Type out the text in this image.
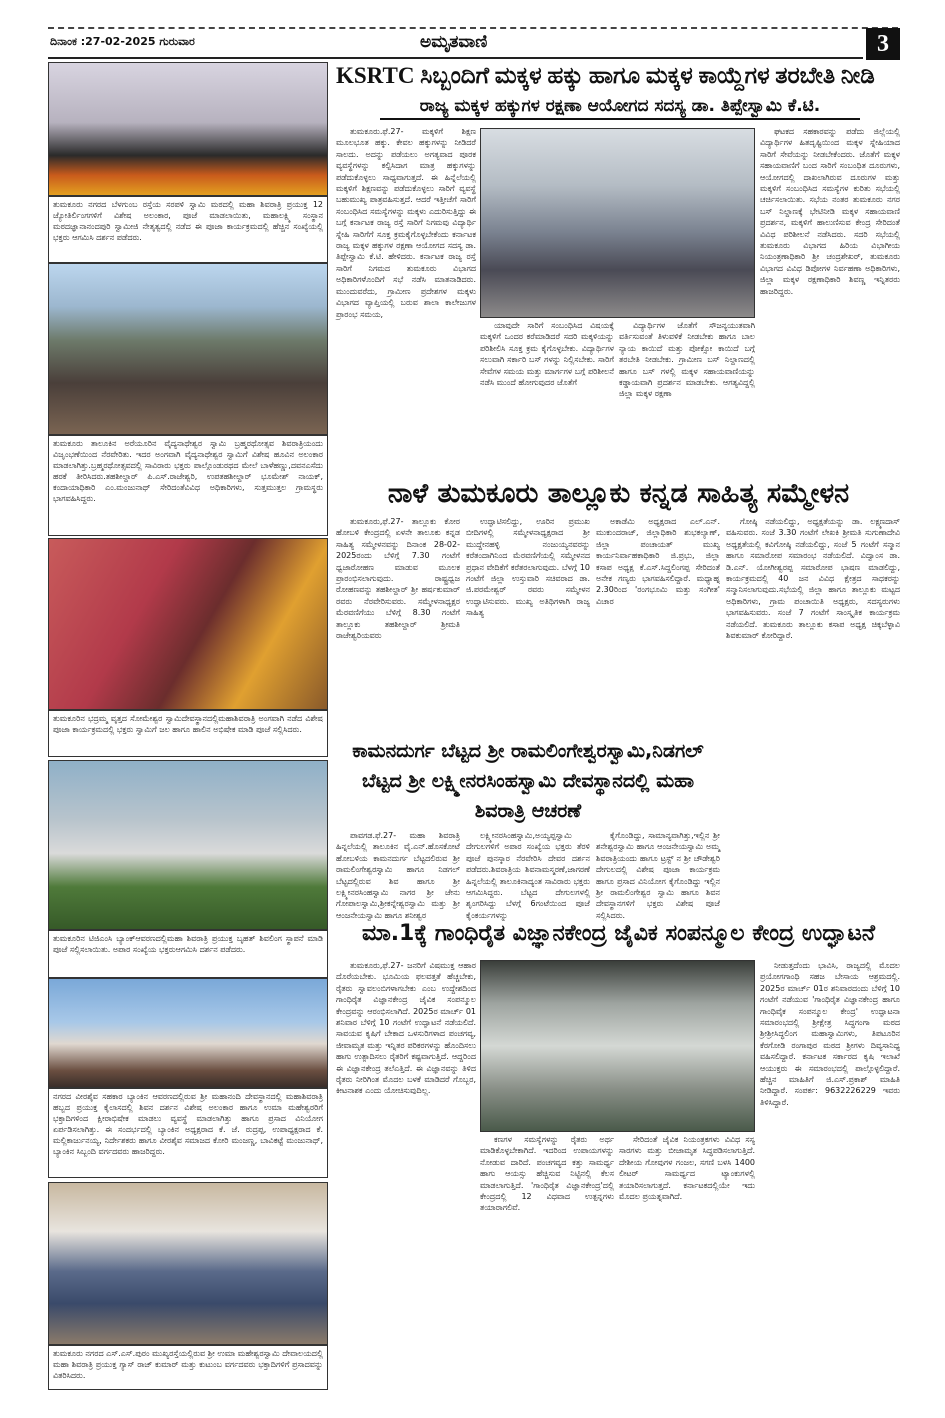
ದಿನಾಂಕ :27-02-2025 ಗುರುವಾರ	ಅಮೃತವಾಣಿ	3
ತುಮಕೂರು ನಗರದ ಬೆಳಗುಂಬ ರಸ್ತೆಯ ಸರಪಳಿ ಸ್ವಾಮಿ ಮಠದಲ್ಲಿ ಮಹಾ ಶಿವರಾತ್ರಿ ಪ್ರಯುಕ್ತ 12 ಜ್ಯೋತಿರ್ಲಿಂಗಗಳಿಗೆ ವಿಶೇಷ ಅಲಂಕಾರ, ಪೂಜೆ ಮಾಡಲಾಯಿತು, ಮಹಾಲಕ್ಷ್ಮಿ ಸಂಸ್ಥಾನ ಮಠದಜ್ಞಾನಾನಂದಪುರಿ ಸ್ವಾಮೀಜಿ ನೇತೃತ್ವದಲ್ಲಿ ನಡೆದ ಈ ಪೂಜಾ ಕಾರ್ಯಕ್ರಮದಲ್ಲಿ ಹೆಚ್ಚಿನ ಸಂಖ್ಯೆಯಲ್ಲಿ ಭಕ್ತರು ಆಗಮಿಸಿ ದರ್ಶನ ಪಡೆದರು.
ತುಮಕೂರು ತಾಲೂಕಿನ ಅರೆಯೂರಿನ ವೈದ್ಯನಾಥೇಶ್ವರ ಸ್ವಾಮಿ ಬ್ರಹ್ಮರಥೋತ್ಸವ ಶಿವರಾತ್ರಿಯಂದು ವಿಜೃಂಭಣೆಯಿಂದ ನೆರವೇರಿತು. ಇದರ ಅಂಗವಾಗಿ ವೈದ್ಯನಾಥೇಶ್ವರ ಸ್ವಾಮಿಗೆ ವಿಶೇಷ ಹೂವಿನ ಅಲಂಕಾರ ಮಾಡಲಾಗಿತ್ತು.ಬ್ರಹ್ಮರಥೋತ್ಸವದಲ್ಲಿ ಸಾವಿರಾರು ಭಕ್ತರು ಪಾಲ್ಗೊಂಡುರಥದ ಮೇಲೆ ಬಾಳೆಹಣ್ಣು,ದವನಎಸೆದು ಹರಕೆ ತೀರಿಸಿದರು.ತಹಶೀಲ್ದಾರ್ ಪಿ.ಎಸ್.ರಾಜೇಶ್ವರಿ, ಉಪತಹಶೀಲ್ದಾರ್ ಭೂಮೇಶ್ ನಾಯಕ್, ಕಂದಾಯಾಧಿಕಾರಿ ಎಂ.ಮಂಜುನಾಥ್ ಸೇರಿದಂತೆವಿವಿಧ ಅಧಿಕಾರಿಗಳು, ಸುತ್ತಮುತ್ತಲ ಗ್ರಾಮಸ್ಥರು ಭಾಗವಹಿಸಿದ್ದರು.
ತುಮಕೂರಿನ ಭದ್ರಮ್ಮ ವೃತ್ತದ ಸೋಮೇಶ್ವರ ಸ್ವಾಮಿದೇವಸ್ಥಾನದಲ್ಲಿಮಹಾಶಿವರಾತ್ರಿ ಅಂಗವಾಗಿ ನಡೆದ ವಿಶೇಷ ಪೂಜಾ ಕಾರ್ಯಕ್ರಮದಲ್ಲಿ ಭಕ್ತರು ಸ್ವಾಮಿಗೆ ಜಲ ಹಾಗೂ ಹಾಲಿನ ಅಭಿಷೇಕ ಮಾಡಿ ಪೂಜೆ ಸಲ್ಲಿಸಿದರು.
ತುಮಕೂರಿನ ಟಿಜಿಎಂಸಿ ಬ್ಯಾಂಕ್ಆವರಣದಲ್ಲಿಮಹಾ ಶಿವರಾತ್ರಿ ಪ್ರಯುಕ್ತ ಬೃಹತ್ ಶಿವಲಿಂಗ ಸ್ಥಾಪನೆ ಮಾಡಿ ಪೂಜೆ ಸಲ್ಲಿಸಲಾಯಿತು. ಅಪಾರ ಸಂಖ್ಯೆಯ ಭಕ್ತರುಆಗಮಿಸಿ ದರ್ಶನ ಪಡೆದರು.
ನಗರದ ವೀರಶೈವ ಸಹಕಾರ ಬ್ಯಾಂಕಿನ ಆವರಣದಲ್ಲಿರುವ ಶ್ರೀ ಮಹಾನಂದಿ ದೇವಸ್ಥಾನದಲ್ಲಿ ಮಹಾಶಿವರಾತ್ರಿ ಹಬ್ಬದ ಪ್ರಯುಕ್ತ ಕೈಲಾಸದಲ್ಲಿ ಶಿವನ ದರ್ಶನ ವಿಶೇಷ ಅಲಂಕಾರ ಹಾಗೂ ಉಮಾ ಮಹೇಶ್ವರರಿಗೆ ಭಕ್ತಾದಿಗಳಿಂದ ಕ್ಷೀರಾಭಿಷೇಕ ಮಾಡಲು ವ್ಯವಸ್ಥೆ ಮಾಡಲಾಗಿತ್ತು ಹಾಗೂ ಪ್ರಸಾದ ವಿನಿಯೋಗ ಏರ್ಪಡಿಸಲಾಗಿತ್ತು. ಈ ಸಂದರ್ಭದಲ್ಲಿ ಬ್ಯಾಂಕಿನ ಅಧ್ಯಕ್ಷರಾದ ಕೆ. ಜೆ. ರುದ್ರಪ್ಪ, ಉಪಾಧ್ಯಕ್ಷರಾದ ಕೆ. ಮಲ್ಲಿಕಾರ್ಜುನಯ್ಯ, ನಿರ್ದೇಶಕರು ಹಾಗೂ ವೀರಶೈವ ಸಮಾಜದ ಕೋರಿ ಮಂಜಣ್ಣ, ಬಾವಿಕಟ್ಟೆ ಮಂಜುನಾಥ್, ಬ್ಯಾಂಕಿನ ಸಿಬ್ಬಂದಿ ವರ್ಗದವರು ಹಾಜರಿದ್ದರು.
ತುಮಕೂರು ನಗರದ ಎಸ್.ಎಸ್.ಪುರಂ ಮುಖ್ಯರಸ್ತೆಯಲ್ಲಿರುವ ಶ್ರೀ ಉಮಾ ಮಹೇಶ್ವರಸ್ವಾಮಿ ದೇವಾಲಯದಲ್ಲಿ ಮಹಾ ಶಿವರಾತ್ರಿ ಪ್ರಯುಕ್ತ ಗ್ಯಾಸ್ ರಾಜ್ ಕುಮಾರ್ ಮತ್ತು ಕುಟುಂಬ ವರ್ಗದವರು ಭಕ್ತಾದಿಗಳಿಗೆ ಪ್ರಸಾದವನ್ನು ವಿತರಿಸಿದರು.
KSRTC ಸಿಬ್ಬಂದಿಗೆ ಮಕ್ಕಳ ಹಕ್ಕು ಹಾಗೂ ಮಕ್ಕಳ ಕಾಯ್ದೆಗಳ ತರಬೇತಿ ನೀಡಿ
ರಾಜ್ಯ ಮಕ್ಕಳ ಹಕ್ಕುಗಳ ರಕ್ಷಣಾ ಆಯೋಗದ ಸದಸ್ಯ ಡಾ. ತಿಪ್ಪೇಸ್ವಾಮಿ ಕೆ.ಟಿ.
ತುಮಕೂರು.ಫೆ.27- ಮಕ್ಕಳಿಗೆ ಶಿಕ್ಷಣ ಮೂಲಭೂತ ಹಕ್ಕು. ಕೇವಲ ಹಕ್ಕುಗಳನ್ನು ನೀಡಿದರೆ ಸಾಲದು. ಅದನ್ನು ಪಡೆಯಲು ಅಗತ್ಯವಾದ ಪೂರಕ ವ್ಯವಸ್ಥೆಗಳನ್ನು ಕಲ್ಪಿಸಿದಾಗ ಮಾತ್ರ ಹಕ್ಕುಗಳನ್ನು ಪಡೆದುಕೊಳ್ಳಲು ಸಾಧ್ಯವಾಗುತ್ತದೆ. ಈ ಹಿನ್ನೆಲೆಯಲ್ಲಿ ಮಕ್ಕಳಿಗೆ ಶಿಕ್ಷಣವನ್ನು ಪಡೆದುಕೊಳ್ಳಲು ಸಾರಿಗೆ ವ್ಯವಸ್ಥೆ ಬಹುಮುಖ್ಯ ಪಾತ್ರವಹಿಸುತ್ತದೆ. ಆದರೆ ಇತ್ತೀಚೆಗೆ ಸಾರಿಗೆ ಸಂಬಂಧಿಸಿದ ಸಮಸ್ಯೆಗಳನ್ನು ಮಕ್ಕಳು ಎದುರಿಸುತ್ತಿದ್ದು ಈ ಬಗ್ಗೆ ಕರ್ನಾಟಕ ರಾಜ್ಯ ರಸ್ತೆ ಸಾರಿಗೆ ನಿಗಮವು ವಿದ್ಯಾರ್ಥಿ ಸ್ನೇಹಿ ಸಾರಿಗೆಗೆ ಸೂಕ್ತ ಕ್ರಮಕೈಗೊಳ್ಳಬೇಕೆಂದು ಕರ್ನಾಟಕ ರಾಜ್ಯ ಮಕ್ಕಳ ಹಕ್ಕುಗಳ ರಕ್ಷಣಾ ಆಯೋಗದ ಸದಸ್ಯ ಡಾ. ತಿಪ್ಪೇಸ್ವಾಮಿ ಕೆ.ಟಿ. ಹೇಳಿದರು. ಕರ್ನಾಟಕ ರಾಜ್ಯ ರಸ್ತೆ ಸಾರಿಗೆ ನಿಗಮದ ತುಮಕೂರು ವಿಭಾಗದ ಅಧಿಕಾರಿಗಳೊಂದಿಗೆ ಸಭೆ ನಡೆಸಿ ಮಾತನಾಡಿದರು. ಮುಂದುವರೆದು, ಗ್ರಾಮೀಣ ಪ್ರದೇಶಗಳ ಮಕ್ಕಳು ವಿಭಾಗದ ವ್ಯಾಪ್ತಿಯಲ್ಲಿ ಬರುವ ಶಾಲಾ ಕಾಲೇಜುಗಳ ಪ್ರಾರಂಭ ಸಮಯ,
ಯಾವುದೇ ಸಾರಿಗೆ ಸಂಬಂಧಿಸಿದ ವಿಷಯಕ್ಕೆ ಮಕ್ಕಳಿಗೆ ಒಂದರ ಕರೆಮಾಡಿದರೆ ಸದರಿ ಮಕ್ಕಳಿಯನ್ನು ಪರಿಶೀಲಿಸಿ ಸೂಕ್ತ ಕ್ರಮ ಕೈಗೊಳ್ಳಬೇಕು. ವಿದ್ಯಾರ್ಥಿಗಳ ಸಲುವಾಗಿ ಸರ್ಕಾರಿ ಬಸ್ ಗಳನ್ನು ನಿಲ್ಲಿಸಬೇಕು. ಸಾರಿಗೆ ಸೇವೆಗಳ ಸಮಯ ಮತ್ತು ಮಾರ್ಗಗಳ ಬಗ್ಗೆ ಪರಿಶೀಲನೆ ನಡೆಸಿ ಮುಂದೆ ಹೋಗುವುದರ ಜೊತೆಗೆ
ವಿದ್ಯಾರ್ಥಿಗಳ ಜೊತೆಗೆ ಸೌಜನ್ಯಯುತವಾಗಿ ವರ್ತಿಸುವಂತೆ ತಿಳುವಳಿಕೆ ನೀಡಬೇಕು ಹಾಗೂ ಬಾಲ ನ್ಯಾಯ ಕಾಯಿದೆ ಮತ್ತು ಪೋಕ್ಸೋ ಕಾಯಿದೆ ಬಗ್ಗೆ ತರಬೇತಿ ನೀಡಬೇಕು. ಗ್ರಾಮೀಣ ಬಸ್ ನಿಲ್ದಾಣದಲ್ಲಿ ಹಾಗೂ ಬಸ್ ಗಳಲ್ಲಿ ಮಕ್ಕಳ ಸಹಾಯವಾಣಿಯನ್ನು ಕಡ್ಡಾಯವಾಗಿ ಪ್ರದರ್ಶನ ಮಾಡಬೇಕು. ಆಗತ್ಯವಿದ್ದಲ್ಲಿ ಜಿಲ್ಲಾ ಮಕ್ಕಳ ರಕ್ಷಣಾ
ಘಟಕದ ಸಹಕಾರವನ್ನು ಪಡೆದು ಜಿಲ್ಲೆಯಲ್ಲಿ ವಿದ್ಯಾರ್ಥಿಗಳ ಹಿತದೃಷ್ಟಿಯಿಂದ ಮಕ್ಕಳ ಸ್ನೇಹಿಯಾದ ಸಾರಿಗೆ ಸೇವೆಯನ್ನು ನೀಡಬೇಕೆಂದರು. ಜೊತೆಗೆ ಮಕ್ಕಳ ಸಹಾಯವಾಣಿಗೆ ಬಂದ ಸಾರಿಗೆ ಸಂಬಂಧಿತ ದೂರುಗಳು, ಆಯೋಗದಲ್ಲಿ ದಾಖಲಾಗಿರುವ ದೂರುಗಳ ಮತ್ತು ಮಕ್ಕಳಿಗೆ ಸಂಬಂಧಿಸಿದ ಸಮಸ್ಯೆಗಳ ಕುರಿತು ಸಭೆಯಲ್ಲಿ ಚರ್ಚಿಸಲಾಯಿತು. ಸಭೆಯ ನಂತರ ತುಮಕೂರು ನಗರ ಬಸ್ ನಿಲ್ದಾಣಕ್ಕೆ ಭೇಟಿನೀಡಿ ಮಕ್ಕಳ ಸಹಾಯವಾಣಿ ಪ್ರದರ್ಶನ, ಮಕ್ಕಳಿಗೆ ಹಾಲುಣಿಸುವ ಕೇಂದ್ರ ಸೇರಿದಂತೆ ವಿವಿಧ ಪರಿಶೀಲನೆ ನಡೆಸಿದರು. ಸದರಿ ಸಭೆಯಲ್ಲಿ ತುಮಕೂರು ವಿಭಾಗದ ಹಿರಿಯ ವಿಭಾಗೀಯ ನಿಯಂತ್ರಣಾಧಿಕಾರಿ ಶ್ರೀ ಚಂದ್ರಶೇಖರ್, ತುಮಕೂರು ವಿಭಾಗದ ವಿವಿಧ ಡಿಪೋಗಳ ನಿರ್ವಹಣಾ ಅಧಿಕಾರಿಗಳು, ಜಿಲ್ಲಾ ಮಕ್ಕಳ ರಕ್ಷಣಾಧಿಕಾರಿ ಶಿವಣ್ಣ ಇನ್ನಿತರರು ಹಾಜರಿದ್ದರು.
ನಾಳೆ ತುಮಕೂರು ತಾಲ್ಲೂಕು ಕನ್ನಡ ಸಾಹಿತ್ಯ ಸಮ್ಮೇಳನ
ತುಮಕೂರು,ಫೆ.27- ತಾಲ್ಲೂಕು ಕೋರ ಹೋಬಳಿ ಕೇಂದ್ರದಲ್ಲಿ ಏಳನೇ ತಾಲೂಕು ಕನ್ನಡ ಸಾಹಿತ್ಯ ಸಮ್ಮೇಳನವನ್ನು ದಿನಾಂಕ 28-02-2025ರಂದು ಬೆಳಿಗ್ಗೆ 7.30 ಗಂಟೆಗೆ ಧ್ವಜಾರೋಹಣ ಮಾಡುವ ಮೂಲಕ ಪ್ರಾರಂಭಿಸಲಾಗುವುದು. ರಾಷ್ಟ್ರಧ್ವಜ ರೋಹಣವನ್ನು ತಹಶೀಲ್ದಾರ್ ಶ್ರೀ ಹರ್ಷಕುಮಾರ್ ರವರು ನೆರವೇರಿಸುವರು. ಸಮ್ಮೇಳನಾಧ್ಯಕ್ಷರ ಮೆರವಣಿಗೆಯು ಬೆಳಿಗ್ಗೆ 8.30 ಗಂಟೆಗೆ ತಾಲ್ಲೂಕು ತಹಶೀಲ್ದಾರ್ ಶ್ರೀಮತಿ ರಾಜೇಶ್ವರಿಯವರು
ಉದ್ಘಾಟಿಸಲಿದ್ದು, ಊರಿನ ಪ್ರಮುಖ ಬೀದಿಗಳಲ್ಲಿ ಸಮ್ಮೇಳನಾಧ್ಯಕ್ಷರಾದ ಶ್ರೀ ಮುದ್ದೇನಹಳ್ಳಿ ನಂಜುಯ್ಯನವರನ್ನು ಕರೆತಂದಾಗಿನಿಂದ ಮೆರವಣಿಗೆಯಲ್ಲಿ ಸಮ್ಮೇಳನದ ಪ್ರಧಾನ ವೇದಿಕೆಗೆ ಕರೆತರಲಾಗುವುದು. ಬೆಳಗ್ಗೆ 10 ಗಂಟೆಗೆ ಜಿಲ್ಲಾ ಉಸ್ತುವಾರಿ ಸಚಿವರಾದ ಡಾ. ಜಿ.ಪರಮೇಶ್ವರ್ ರವರು ಸಮ್ಮೇಳನ ಉದ್ಘಾಟಿಸುವರು. ಮುಖ್ಯ ಅತಿಥಿಗಳಾಗಿ ರಾಜ್ಯ ಸಾಹಿತ್ಯ
ಅಕಾಡೆಮಿ ಅಧ್ಯಕ್ಷರಾದ ಎಲ್.ಎನ್. ಮುಕುಂದರಾಜ್, ಜಿಲ್ಲಾಧಿಕಾರಿ ಶುಭಕಲ್ಯಾಣ್, ಜಿಲ್ಲಾ ಪಂಚಾಯತ್ ಮುಖ್ಯ ಕಾರ್ಯನಿರ್ವಾಹಕಾಧಿಕಾರಿ ಜಿ.ಪ್ರಭು, ಜಿಲ್ಲಾ ಕಸಾಪ ಅಧ್ಯಕ್ಷ ಕೆ.ಎಸ್.ಸಿದ್ದಲಿಂಗಪ್ಪ ಸೇರಿದಂತೆ ಅನೇಕ ಗಣ್ಯರು ಭಾಗವಹಿಸಲಿದ್ದಾರೆ. ಮಧ್ಯಾಹ್ನ 2.30ರಿಂದ 'ರಂಗಭೂಮಿ ಮತ್ತು ಸಂಗೀತ' ವಿಚಾರ
ಗೋಷ್ಠಿ ನಡೆಯಲಿದ್ದು, ಅಧ್ಯಕ್ಷತೆಯನ್ನು ಡಾ. ಲಕ್ಷ್ಮಣದಾಸ್ ವಹಿಸುವರು. ಸಂಜೆ 3.30 ಗಂಟೆಗೆ ಲೇಖಕಿ ಶ್ರೀಮತಿ ಸುಗುಣಾದೇವಿ ಅಧ್ಯಕ್ಷತೆಯಲ್ಲಿ ಕವಿಗೋಷ್ಠಿ ನಡೆಯಲಿದ್ದು, ಸಂಜೆ 5 ಗಂಟೆಗೆ ಸನ್ಮಾನ ಹಾಗೂ ಸಮಾರೋಪ ಸಮಾರಂಭ ನಡೆಯಲಿದೆ. ವಿದ್ವಾಂಸ ಡಾ. ಡಿ.ಎನ್. ಯೋಗೀಶ್ವರಪ್ಪ ಸಮಾರೋಪ ಭಾಷಣ ಮಾಡಲಿದ್ದು, ಕಾರ್ಯಕ್ರಮದಲ್ಲಿ 40 ಜನ ವಿವಿಧ ಕ್ಷೇತ್ರದ ಸಾಧಕರನ್ನು ಸನ್ಮಾನಿಸಲಾಗುವುದು.ಸಭೆಯಲ್ಲಿ ಜಿಲ್ಲಾ ಹಾಗೂ ತಾಲ್ಲೂಕು ಮಟ್ಟದ ಅಧಿಕಾರಿಗಳು, ಗ್ರಾಮ ಪಂಚಾಯಿತಿ ಅಧ್ಯಕ್ಷರು, ಸದಸ್ಯರುಗಳು ಭಾಗವಹಿಸುವರು. ಸಂಜೆ 7 ಗಂಟೆಗೆ ಸಾಂಸ್ಕೃತಿಕ ಕಾರ್ಯಕ್ರಮ ನಡೆಯಲಿದೆ. ತುಮಕೂರು ತಾಲ್ಲೂಕು ಕಸಾಪ ಅಧ್ಯಕ್ಷ ಚಿಕ್ಕಬೆಳ್ಳಾವಿ ಶಿವಕುಮಾರ್ ಕೋರಿದ್ದಾರೆ.
ಕಾಮನದುರ್ಗ ಬೆಟ್ಟದ ಶ್ರೀ ರಾಮಲಿಂಗೇಶ್ವರಸ್ವಾಮಿ,ನಿಡಗಲ್ ಬೆಟ್ಟದ ಶ್ರೀ ಲಕ್ಷ್ಮೀನರಸಿಂಹಸ್ವಾಮಿ ದೇವಸ್ಥಾನದಲ್ಲಿ ಮಹಾ ಶಿವರಾತ್ರಿ ಆಚರಣೆ
ಪಾವಗಡ.ಫೆ.27- ಮಹಾ ಶಿವರಾತ್ರಿ ಹಿನ್ನಲೆಯಲ್ಲಿ ತಾಲೂಕಿನ ವೈ.ಎನ್.ಹೊಸಕೋಟೆ ಹೋಬಳಿಯ ಕಾಮನದುರ್ಗ ಬೆಟ್ಟದಲಿರುವ ಶ್ರೀ ರಾಮಲಿಂಗೇಶ್ವರಸ್ವಾಮಿ ಹಾಗೂ ನಿಡಗಲ್ ಬೆಟ್ಟದಲ್ಲಿರುವ ಶಿವ ಹಾಗೂ ಶ್ರೀ ಲಕ್ಷ್ಮೀನರಸಿಂಹಸ್ವಾಮಿ ನಾಗರ ಶ್ರೀ ಜೇನು ಗೋಪಾಲಸ್ವಾಮಿ,ಶ್ರೀಕನ್ನೇಶ್ವರಸ್ವಾಮಿ ಮತ್ತು ಶ್ರೀ ಆಂಜನೇಯಸ್ವಾಮಿ ಹಾಗೂ ಶನೀಶ್ವರ
ಲಕ್ಷ್ಮೀನರಸಿಂಹಸ್ವಾಮಿ,ಅಯ್ಯಪ್ಪಸ್ವಾಮಿ ದೇಗುಲಗಳಿಗೆ ಅಪಾರ ಸಂಖ್ಯೆಯ ಭಕ್ತರು ತೆರಳಿ ಪೂಜೆ ಪುನಸ್ಕಾರ ನೆರವೇರಿಸಿ ದೇವರ ದರ್ಶನ ಪಡೆದರು.ಶಿವರಾತ್ರಿಯ ಶಿವನಾಮಸ್ಮರಣೆ,ಜಾಗರಣೆ ಹಿನ್ನಲೆಯಲ್ಲಿ ತಾಲೂಕಿನಾದ್ಯಂತ ಸಾವಿರಾರು ಭಕ್ತರು ಆಗಮಿಸಿದ್ದರು. ಬೆಟ್ಟದ ದೇಗುಲಗಳಲ್ಲಿ ಶೃಂಗರಿಸಿದ್ದು ಬೆಳಗ್ಗೆ 6ಗಂಟೆಯಿಂದ ಪೂಜೆ ಕೈಂಕರ್ಯಗಳನ್ನು
ಕೈಗೊಂಡಿದ್ದು, ಸಾಮಾನ್ಯವಾಗಿತ್ತು,ಇಲ್ಲಿನ ಶ್ರೀ ಶನೇಶ್ವರಸ್ವಾಮಿ ಹಾಗೂ ಆಂಜನೇಯಸ್ವಾಮಿ ಅಮ್ಮ ಶಿವರಾತ್ರಿಯಂದು ಹಾಗೂ ಟ್ರಸ್ಟ್ ನ ಶ್ರೀ ಚೌಡೇಶ್ವರಿ ದೇಗುಲದಲ್ಲಿ ವಿಶೇಷ ಪೂಜಾ ಕಾರ್ಯಕ್ರಮ ಹಾಗೂ ಪ್ರಸಾದ ವಿನಿಯೋಗ ಕೈಗೊಂಡಿದ್ದು ಇಲ್ಲಿನ ಶ್ರೀ ರಾಮಲಿಂಗೇಶ್ವರ ಸ್ವಾಮಿ ಹಾಗೂ ಶಿವನ ದೇವಸ್ಥಾನಗಳಿಗೆ ಭಕ್ತರು ವಿಶೇಷ ಪೂಜೆ ಸಲ್ಲಿಸಿದರು.
ಮಾ.1ಕ್ಕೆ ಗಾಂಧಿರೈತ ವಿಜ್ಞಾನಕೇಂದ್ರ ಜೈವಿಕ ಸಂಪನ್ಮೂಲ ಕೇಂದ್ರ ಉದ್ಘಾಟನೆ
ತುಮಕೂರು,ಫೆ.27- ಜನರಿಗೆ ವಿಷಮುಕ್ತ ಆಹಾರ ದೊರೆಯಬೇಕು. ಭೂಮಿಯ ಫಲವತ್ತತೆ ಹೆಚ್ಚಬೇಕು, ರೈತರು ಸ್ವಾವಲಂಬಿಗಳಾಗಬೇಕು ಎಂಬ ಉದ್ದೇಶದಿಂದ ಗಾಂಧಿರೈತ ವಿಜ್ಞಾನಕೇಂದ್ರ ಜೈವಿಕ ಸಂಪನ್ಮೂಲ ಕೇಂದ್ರವನ್ನು ಆರಂಭಿಸಲಾಗಿದೆ. 2025ರ ಮಾರ್ಚ್ 01 ಶನಿವಾರ ಬೆಳಿಗ್ಗೆ 10 ಗಂಟೆಗೆ ಉದ್ಘಾಟನೆ ನಡೆಯಲಿದೆ. ಸಾವಯವ ಕೃಷಿಗೆ ಬೇಕಾದ ಒಳಸುರಿಗಳಾದ ಪಂಚಗವ್ಯ, ಜೀವಾಮೃತ ಮತ್ತು ಇನ್ನಿತರ ಪರಿಕರಗಳನ್ನು ಹೊಂದಿಸಲು ಹಾಗು ಉತ್ಪಾದಿಸಲು ರೈತರಿಗೆ ಕಷ್ಟವಾಗುತ್ತಿದೆ. ಆದ್ದರಿಂದ ಈ ವಿಜ್ಞಾನಕೇಂದ್ರ ತಲೆಎತ್ತಿದೆ. ಈ ವಿಜ್ಞಾನವನ್ನು ತಿಳಿದ ರೈತರು ನೀರಿಗಿಂತ ಮೊದಲ ಬಳಕೆ ಮಾಡಿದರೆ ಗೊಬ್ಬರ, ಕೀಟನಾಶಕ ಎಂದು ಯೋಚಿಸುವುದಿಲ್ಲ.
ಕಣಗಳ ಸಮಸ್ಯೆಗಳನ್ನು ರೈತರು ಅರ್ಥ ಮಾಡಿಕೊಳ್ಳಬೇಕಾಗಿದೆ. ಇದರಿಂದ ಉಪಾಯಗಳನ್ನು ನೋಡುವ ದಾರಿದೆ. ಪಂಚಗವ್ಯದ ಕತ್ತು ಸಾಮರ್ಥ್ಯ ಹಾಗು ಆಯಸ್ಸು ಹೆಚ್ಚಿಸುವ ನಿಟ್ಟಿನಲ್ಲಿ ಕೆಲಸ ಮಾಡಲಾಗುತ್ತಿದೆ. 'ಗಾಂಧಿರೈತ ವಿಜ್ಞಾನಕೇಂದ್ರ'ದಲ್ಲಿ ಕೇಂದ್ರದಲ್ಲಿ 12 ವಿಧವಾದ ಉತ್ಪನ್ನಗಳು ತಯಾರಾಗಲಿವೆ.
ಸೇರಿದಂತೆ ಜೈವಿಕ ನಿಯಂತ್ರಕಗಳು ವಿವಿಧ ಸಸ್ಯ ಸಾರಗಳು ಮತ್ತು ಬೀಜಾಮೃತ ಸಿದ್ಧಪಡಿಸಲಾಗುತ್ತಿದೆ. ದೇಶೀಯ ಗೋವುಗಳ ಗಂಜಲ, ಸಗಣಿ ಬಳಸಿ 1400 ಲೀಟರ್ ಸಾಮರ್ಥ್ಯದ ಟ್ಯಾಂಕುಗಳಲ್ಲಿ ತಯಾರಿಸಲಾಗುತ್ತದೆ. ಕರ್ನಾಟಕದಲ್ಲಿಯೇ ಇದು ಮೊದಲ ಪ್ರಯತ್ನವಾಗಿದೆ.
ನೀಡುತ್ತದೆಂದು ಭಾವಿಸಿ, ರಾಜ್ಯದಲ್ಲಿ ಮೊದಲ ಪ್ರಯೋಗಗಾಂಧಿ ಸಹಜ ಬೇಸಾಯ ಆಶ್ರಮದಲ್ಲಿ. 2025ರ ಮಾರ್ಚ್ 01ರ ಶನಿವಾರದಂದು ಬೆಳಿಗ್ಗೆ 10 ಗಂಟೆಗೆ ನಡೆಯುವ 'ಗಾಂಧಿರೈತ ವಿಜ್ಞಾನಕೇಂದ್ರ ಹಾಗೂ ಗಾಂಧಿವೈಕ ಸಂಪನ್ಮೂಲ ಕೇಂದ್ರ' ಉದ್ಘಾಟನಾ ಸಮಾರಂಭದಲ್ಲಿ ಶ್ರೀಕ್ಷೇತ್ರ ಸಿದ್ಧಗಂಗಾ ಮಠದ ಶ್ರೀಶ್ರೀಸಿದ್ಧಲಿಂಗ ಮಹಾಸ್ವಾಮಿಗಳು, ತಿಪಟೂರಿನ ಕೆರಗೋಡಿ ರಂಗಾಪುರ ಮಠದ ಶ್ರೀಗಳು ದಿವ್ಯಸಾನಿಧ್ಯ ವಹಿಸಲಿದ್ದಾರೆ. ಕರ್ನಾಟಕ ಸರ್ಕಾರದ ಕೃಷಿ ಇಲಾಖೆ ಆಯುಕ್ತರು ಈ ಸಮಾರಂಭದಲ್ಲಿ ಪಾಲ್ಗೊಳ್ಳಲಿದ್ದಾರೆ. ಹೆಚ್ಚಿನ ಮಾಹಿತಿಗೆ ಜಿ.ಎಸ್.ಪ್ರಕಾಶ್ ಮಾಹಿತಿ ನೀಡಿದ್ದಾರೆ. ಸಂಪರ್ಕ: 9632226229 ಇವರು ತಿಳಿಸಿದ್ದಾರೆ.
